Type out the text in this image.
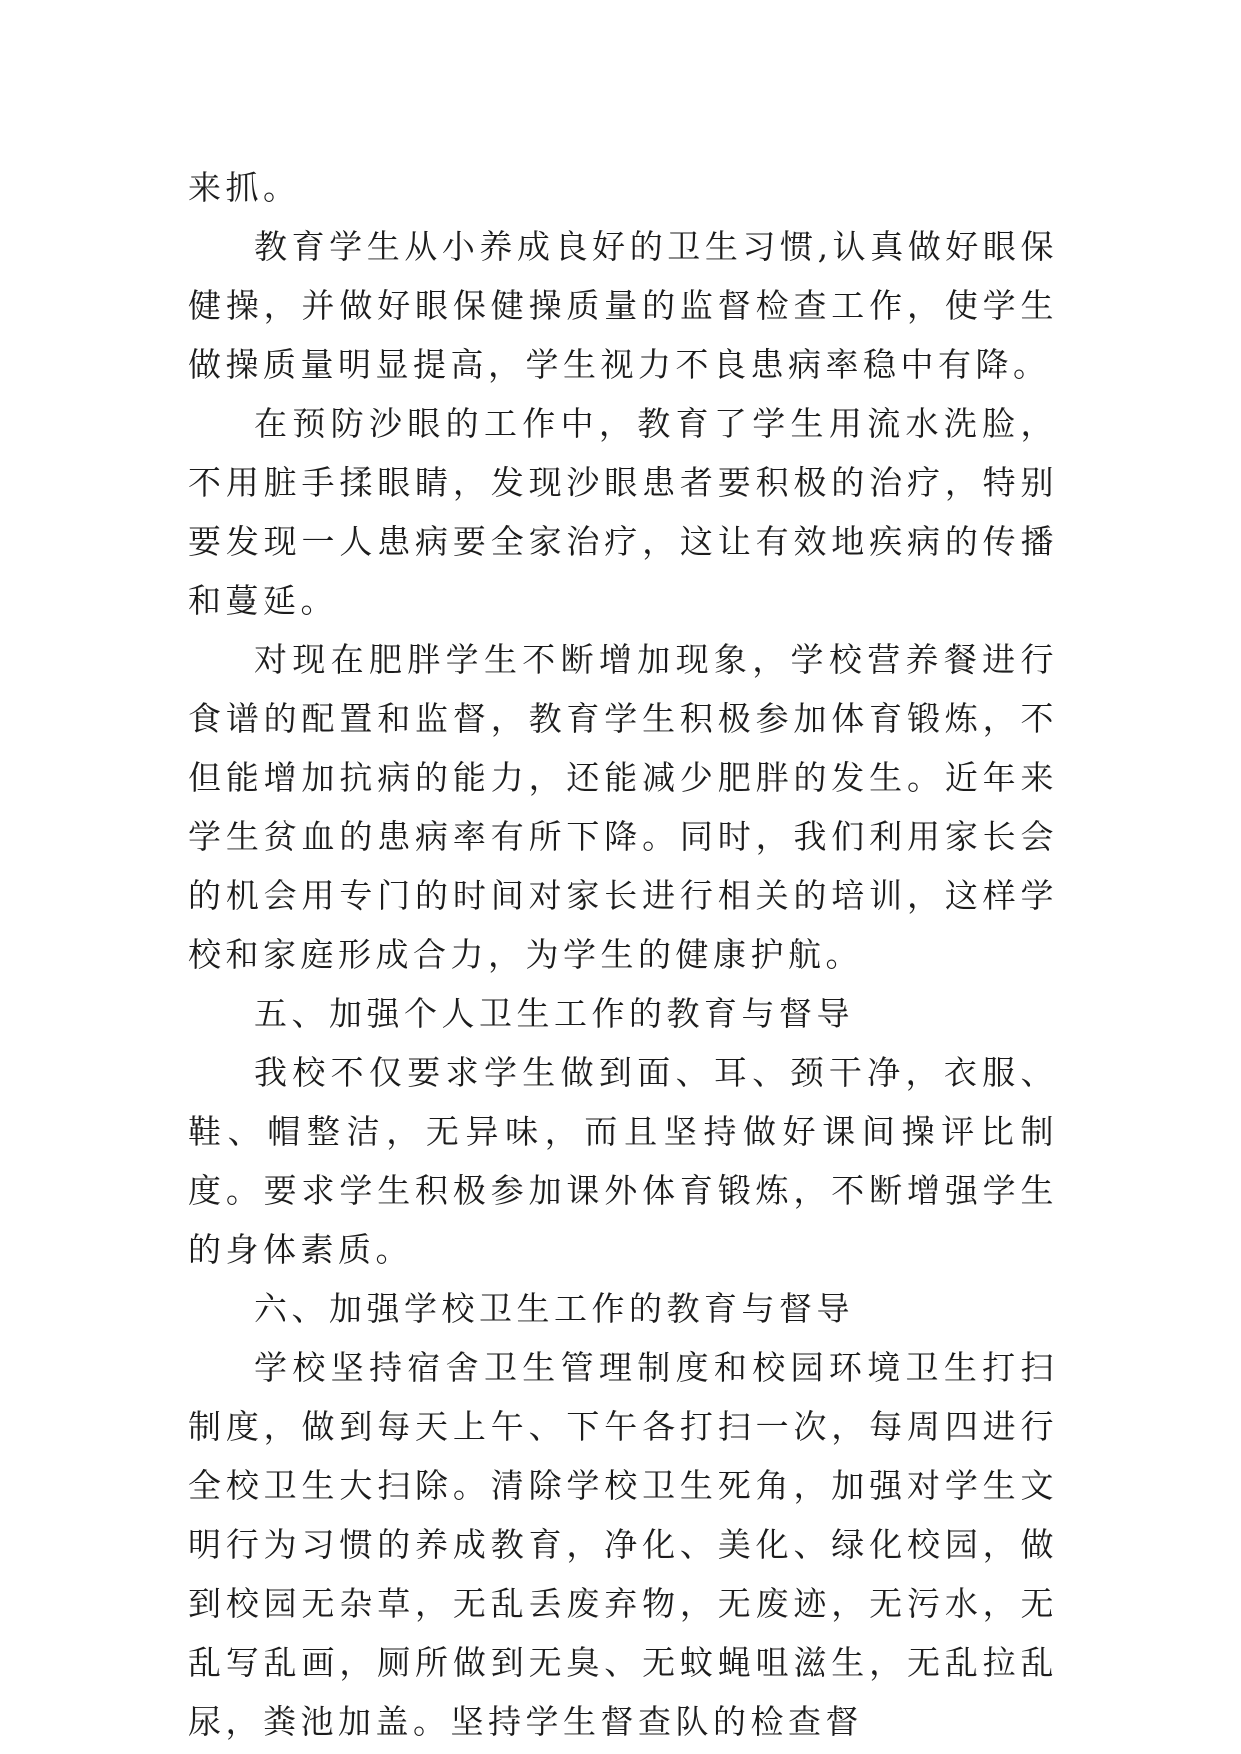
来抓。

教育学生从小养成良好的卫生习惯,认真做好眼保健操，并做好眼保健操质量的监督检查工作，使学生做操质量明显提高，学生视力不良患病率稳中有降。

在预防沙眼的工作中，教育了学生用流水洗脸，不用脏手揉眼睛，发现沙眼患者要积极的治疗，特别要发现一人患病要全家治疗，这让有效地疾病的传播和蔓延。

对现在肥胖学生不断增加现象，学校营养餐进行食谱的配置和监督，教育学生积极参加体育锻炼，不但能增加抗病的能力，还能减少肥胖的发生。近年来学生贫血的患病率有所下降。同时，我们利用家长会的机会用专门的时间对家长进行相关的培训，这样学校和家庭形成合力，为学生的健康护航。

五、加强个人卫生工作的教育与督导

我校不仅要求学生做到面、耳、颈干净，衣服、鞋、帽整洁，无异味，而且坚持做好课间操评比制度。要求学生积极参加课外体育锻炼，不断增强学生的身体素质。

六、加强学校卫生工作的教育与督导

学校坚持宿舍卫生管理制度和校园环境卫生打扫制度，做到每天上午、下午各打扫一次，每周四进行全校卫生大扫除。清除学校卫生死角，加强对学生文明行为习惯的养成教育，净化、美化、绿化校园，做到校园无杂草，无乱丢废弃物，无废迹，无污水，无乱写乱画，厕所做到无臭、无蚊蝇咀滋生，无乱拉乱尿，粪池加盖。坚持学生督查队的检查督
